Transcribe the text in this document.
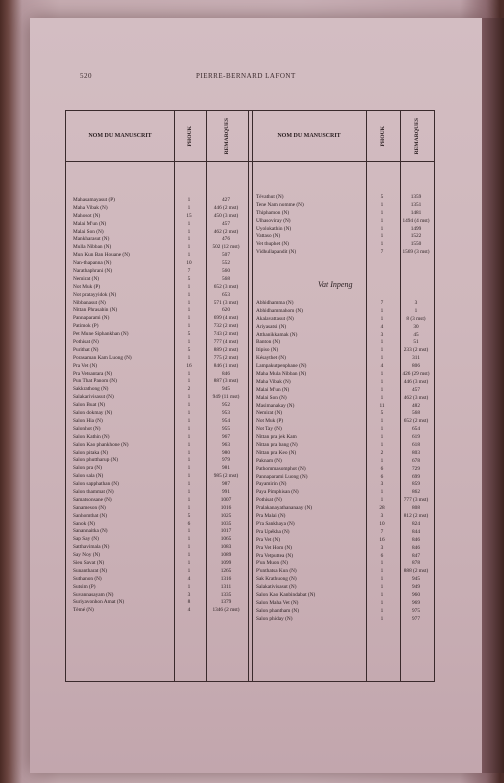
520	PIERRE-BERNARD LAFONT
NOM DU MANUSCRIT	PHOUK	REMARQUES	NOM DU MANUSCRIT	PHOUK	REMARQUES
Mahasamayasut (P)	1	427
Maha Vibak (N)	1	446 (2 mst)
Mahosot (N)	15	450 (3 mst)
Malai M'un (N)	1	457
Malai Son (N)	1	462 (2 mst)
Mankharasut (N)	1	476
Mulla Nibban (N)	1	502 (12 mst)
Mun Kun Ban Houane (N)	1	507
Nan-thapanna (N)	10	552
Narathaphrani (N)	7	560
Nemirat (N)	5	568
Not Muk (P)	1	652 (3 mst)
Not pratayyidok (N)	1	653
Nibbanasut (N)	1	571 (3 mst)
Nittan Phrasabin (N)	1	620
Pannaparami (N)	1	699 (4 mst)
Patimok (P)	1	732 (2 mst)
Pet Mune Siphankhan (N)	5	743 (2 mst)
Pothisat (N)	1	777 (4 mst)
Purithat (N)	5	889 (2 mst)
Porasaman Kam Luong (N)	1	775 (2 mst)
Pra Vet (N)	16	846 (1 mst)
Pra Vetsantara (N)	1	846
Pun That Panom (N)	1	887 (3 mst)
Sakkrathong (N)	2	945
Salakarivisasut (N)	1	949 (11 mst)
Salon Buat (N)	1	952
Salon dokmay (N)	1	953
Salon Hia (N)	1	954
Salonhot (N)	1	955
Salon Kathin (N)	1	967
Salon Kao phankhone (N)	1	963
Salon pitaka (N)	1	980
Salon phuttharup (N)	1	979
Salon pra (N)	1	981
Salon sala (N)	1	985 (2 mst)
Salon sapphathan (N)	1	987
Salon thammat (N)	1	991
Samatsonsane (N)	1	1007
Sanameson (N)	1	1016
Sanhomthat (N)	5	1025
Sanok (N)	6	1035
Sanannaitka (N)	1	1017
Sap Say (N)	1	1065
Satthavimala (N)	1	1083
Say Noy (N)	1	1089
Sieu Savat (N)	1	1099
Sunantharat (N)	1	1265
Suthanon (N)	4	1316
Sutsim (P)	1	1311
Suvannasayam (N)	3	1335
Suriyavonhon Amat (N)	8	1379
Tèmé (N)	4	1346 (2 mst)
Tévathut (N)	5	1359
Tene Nam nomme (N)	1	1351
Thiphamon (N)	1	1481
Ulhasoviray (N)	1	1494 (4 mst)
Uyolokathin (N)	1	1499
Vattaso (N)	1	1522
Vet thuphet (N)	1	1550
Vidhullapandit (N)	7	1569 (3 mst)
Vat Inpeng
Abhidhamma (N)	7	3
Abhidhammahom (N)	1	1
Akalavattasut (N)	1	8 (3 mst)
Ariyasatsi (N)	4	30
Atthanikkamak (N)	3	45
Banton (N)	1	51
Itipiso (N)	1	233 (2 mst)
Késaythet (N)	1	311
Lampakutpenphane (N)	4	806
Maha Mula Nibban (N)	1	426 (29 mst)
Maha Vibak (N)	1	446 (3 mst)
Malai M'un (N)	1	457
Malai Son (N)	1	462 (3 mst)
Masimanakay (N)	11	482
Nemirat (N)	5	568
Not Muk (P)	1	652 (2 mst)
Not Tay (N)	1	654
Nittan pra jek Kam	1	619
Nittan pra bang (N)	1	618
Nittan pra Keo (N)	2	803
Paknam (N)	1	678
Pathommasomphot (N)	6	729
Pannaparami Luong (N)	6	699
Payamirin (N)	3	859
Paya Pimphisan (N)	1	862
Pothisat (N)	1	777 (3 mst)
Pralakanayathananaay (N)	28	808
Pra Malai (N)	3	812 (2 mst)
P'ra Sankhaya (N)	10	824
Pra Upékha (N)	7	844
Pra Vet (N)	16	846
Pra Vet Hom (N)	3	846
Pra Vetputtea (N)	6	847
P'un Muon (N)	1	878
P'unthatsa Kun (N)	1	888 (2 mst)
Sak Krathuong (N)	1	945
Salakativisasut (N)	1	949
Salon Kao Kanbindabat (N)	1	960
Salon Maha Vet (N)	1	969
Salon phantham (N)	1	975
Salon phiday (N)	1	977
